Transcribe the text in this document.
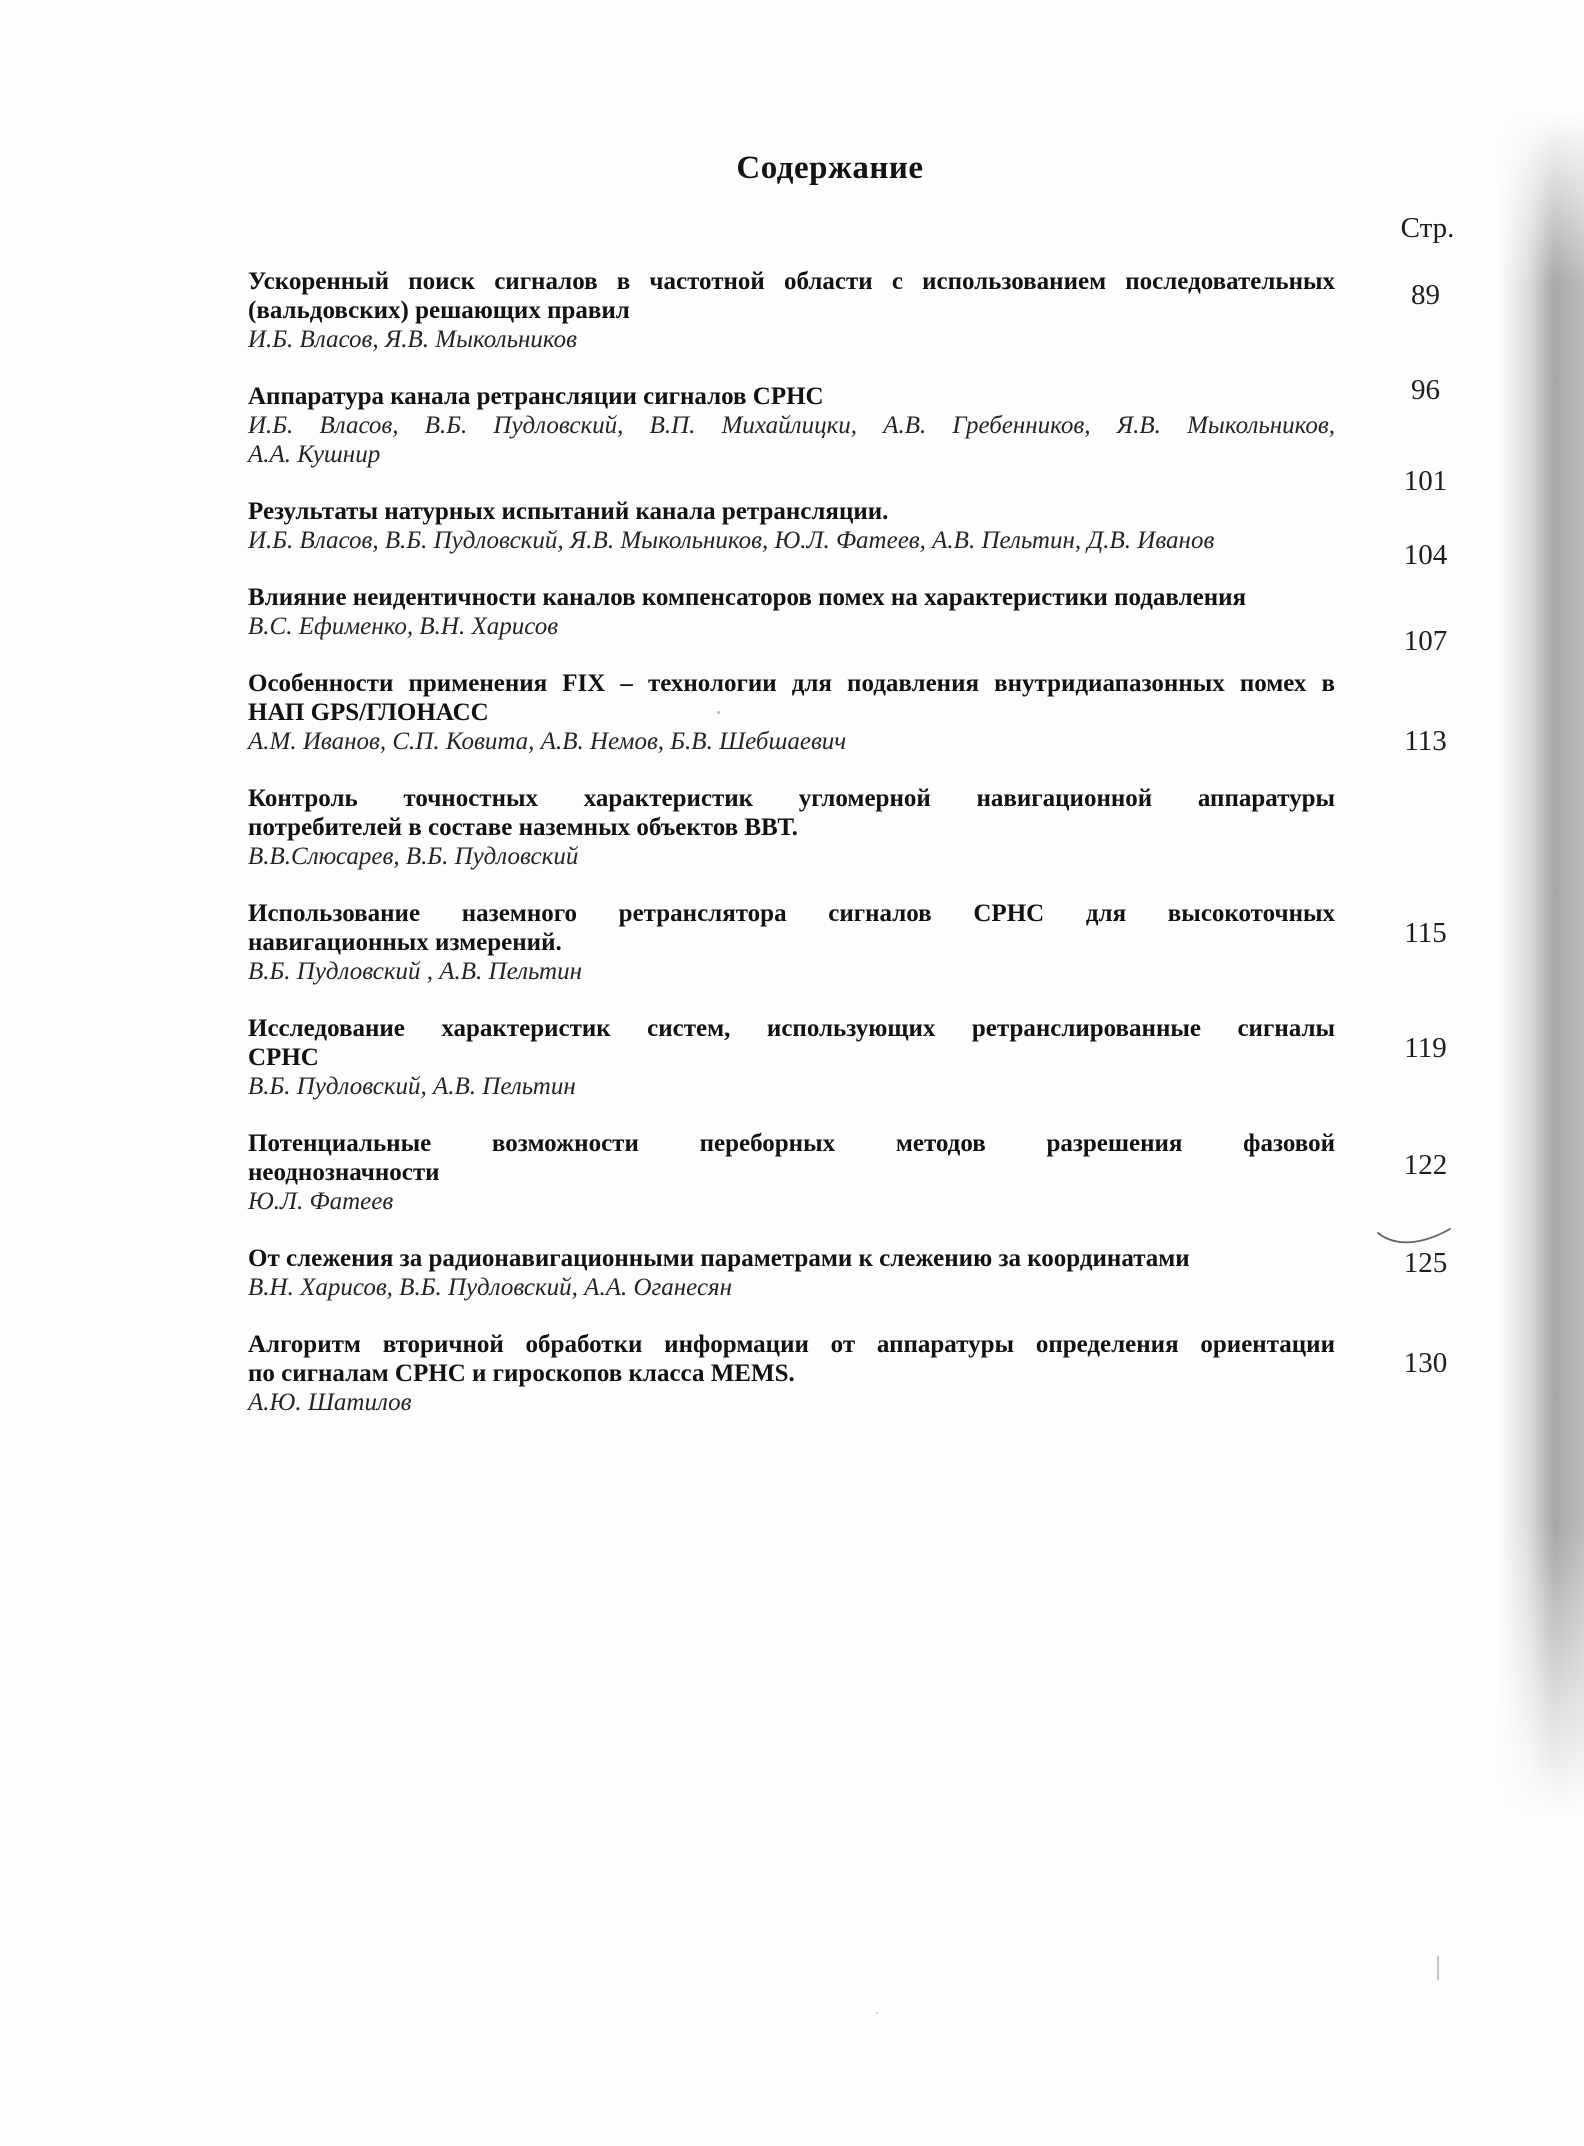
Содержание
Стр.
Ускоренный поиск сигналов в частотной области с использованием последовательных
(вальдовских) решающих правил
И.Б. Власов, Я.В. Мыкольников
89
Аппаратура канала ретрансляции сигналов СРНС
И.Б. Власов, В.Б. Пудловский, В.П. Михайлицки, А.В. Гребенников, Я.В. Мыкольников,
А.А. Кушнир
96
Результаты натурных испытаний канала ретрансляции.
И.Б. Власов, В.Б. Пудловский, Я.В. Мыкольников, Ю.Л. Фатеев, А.В. Пельтин, Д.В. Иванов
101
Влияние неидентичности каналов компенсаторов помех на характеристики подавления
В.С. Ефименко, В.Н. Харисов
104
Особенности применения FIX – технологии для подавления внутридиапазонных помех в
НАП GPS/ГЛОНАСС
А.М. Иванов, С.П. Ковита, А.В. Немов, Б.В. Шебшаевич
107
Контроль точностных характеристик угломерной навигационной аппаратуры
потребителей в составе наземных объектов ВВТ.
В.В.Слюсарев, В.Б. Пудловский
113
Использование наземного ретранслятора сигналов СРНС для высокоточных
навигационных измерений.
В.Б. Пудловский , А.В. Пельтин
115
Исследование характеристик систем, использующих ретранслированные сигналы
СРНС
В.Б. Пудловский, А.В. Пельтин
119
Потенциальные возможности переборных методов разрешения фазовой
неоднозначности
Ю.Л. Фатеев
122
От слежения за радионавигационными параметрами к слежению за координатами
В.Н. Харисов, В.Б. Пудловский, А.А. Оганесян
125
Алгоритм вторичной обработки информации от аппаратуры определения ориентации
по сигналам СРНС и гироскопов класса MEMS.
А.Ю. Шатилов
130
